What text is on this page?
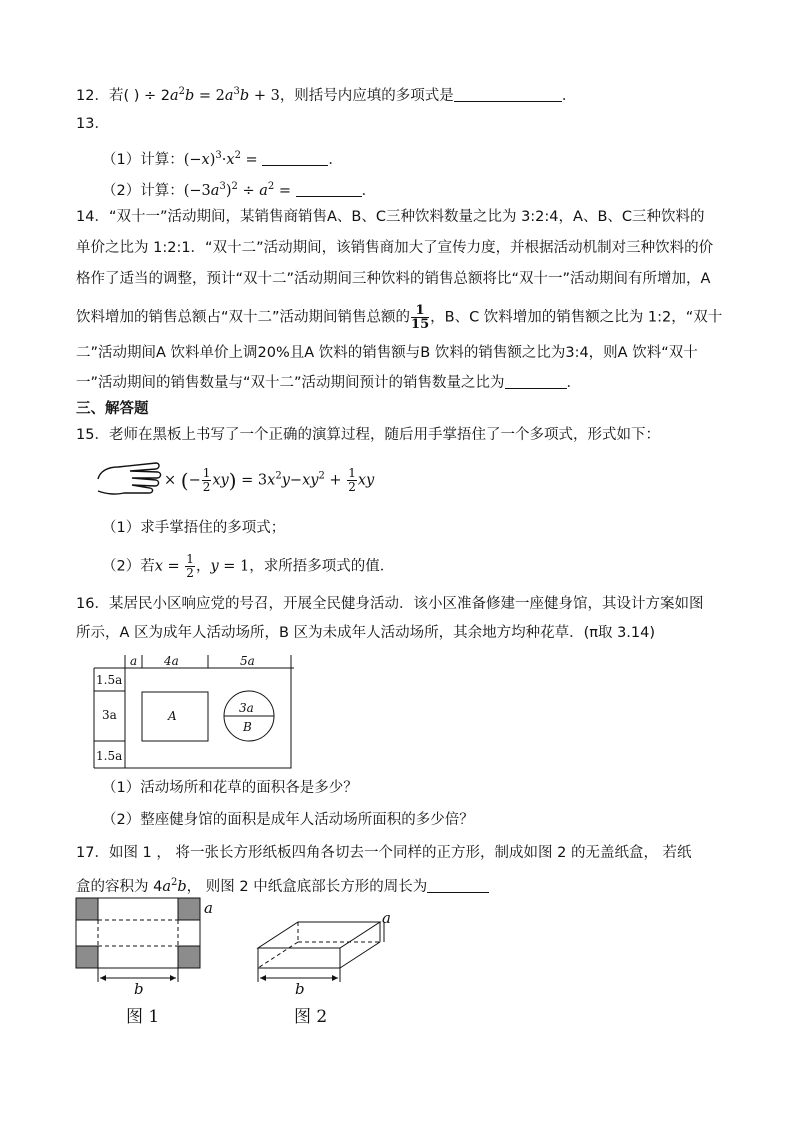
12．若( ) ÷ $2a^2b = 2a^3b + 3$，则括号内应填的多项式是	．
13．
（1）计算：$(-x)^3\cdot x^2$ =	．
（2）计算：$(-3a^3)^2 \div a^2$ =	．
14．“双十一”活动期间，某销售商销售A、B、C三种饮料数量之比为 3:2:4，A、B、C三种饮料的
单价之比为 1:2:1．“双十二”活动期间，该销售商加大了宣传力度，并根据活动机制对三种饮料的价
格作了适当的调整，预计“双十二”活动期间三种饮料的销售总额将比“双十一”活动期间有所增加，A
饮料增加的销售总额占“双十二”活动期间销售总额的 $\frac{1}{15}$ ，B、C 饮料增加的销售额之比为 1:2，“双十
二”活动期间A 饮料单价上调20%且A 饮料的销售额与B 饮料的销售额之比为3:4，则A 饮料“双十
一”活动期间的销售数量与“双十二”活动期间预计的销售数量之比为	．
三、解答题
15．老师在黑板上书写了一个正确的演算过程，随后用手掌捂住了一个多项式，形式如下：
× (− $\frac{1}{2} xy) = 3x^2y-xy^2 + \frac{1}{2}$ xy
（1）求手掌捂住的多项式；
（2）若$x = \frac{1}{2}$ ，y = 1，求所捂多项式的值．
16．某居民小区响应党的号召，开展全民健身活动．该小区准备修建一座健身馆，其设计方案如图
所示，A 区为成年人活动场所，B 区为未成年人活动场所，其余地方均种花草．(π取 3.14)
a 4a	5a
1.5a
3a
1.5a
A
3a
B
（1）活动场所和花草的面积各是多少？
（2）整座健身馆的面积是成年人活动场所面积的多少倍？
17．如图 1 ， 将一张长方形纸板四角各切去一个同样的正方形，制成如图 2 的无盖纸盒， 若纸
盒的容积为 $4a^2b$， 则图 2 中纸盒底部长方形的周长为
a
b
图 1
a
b
图 2
